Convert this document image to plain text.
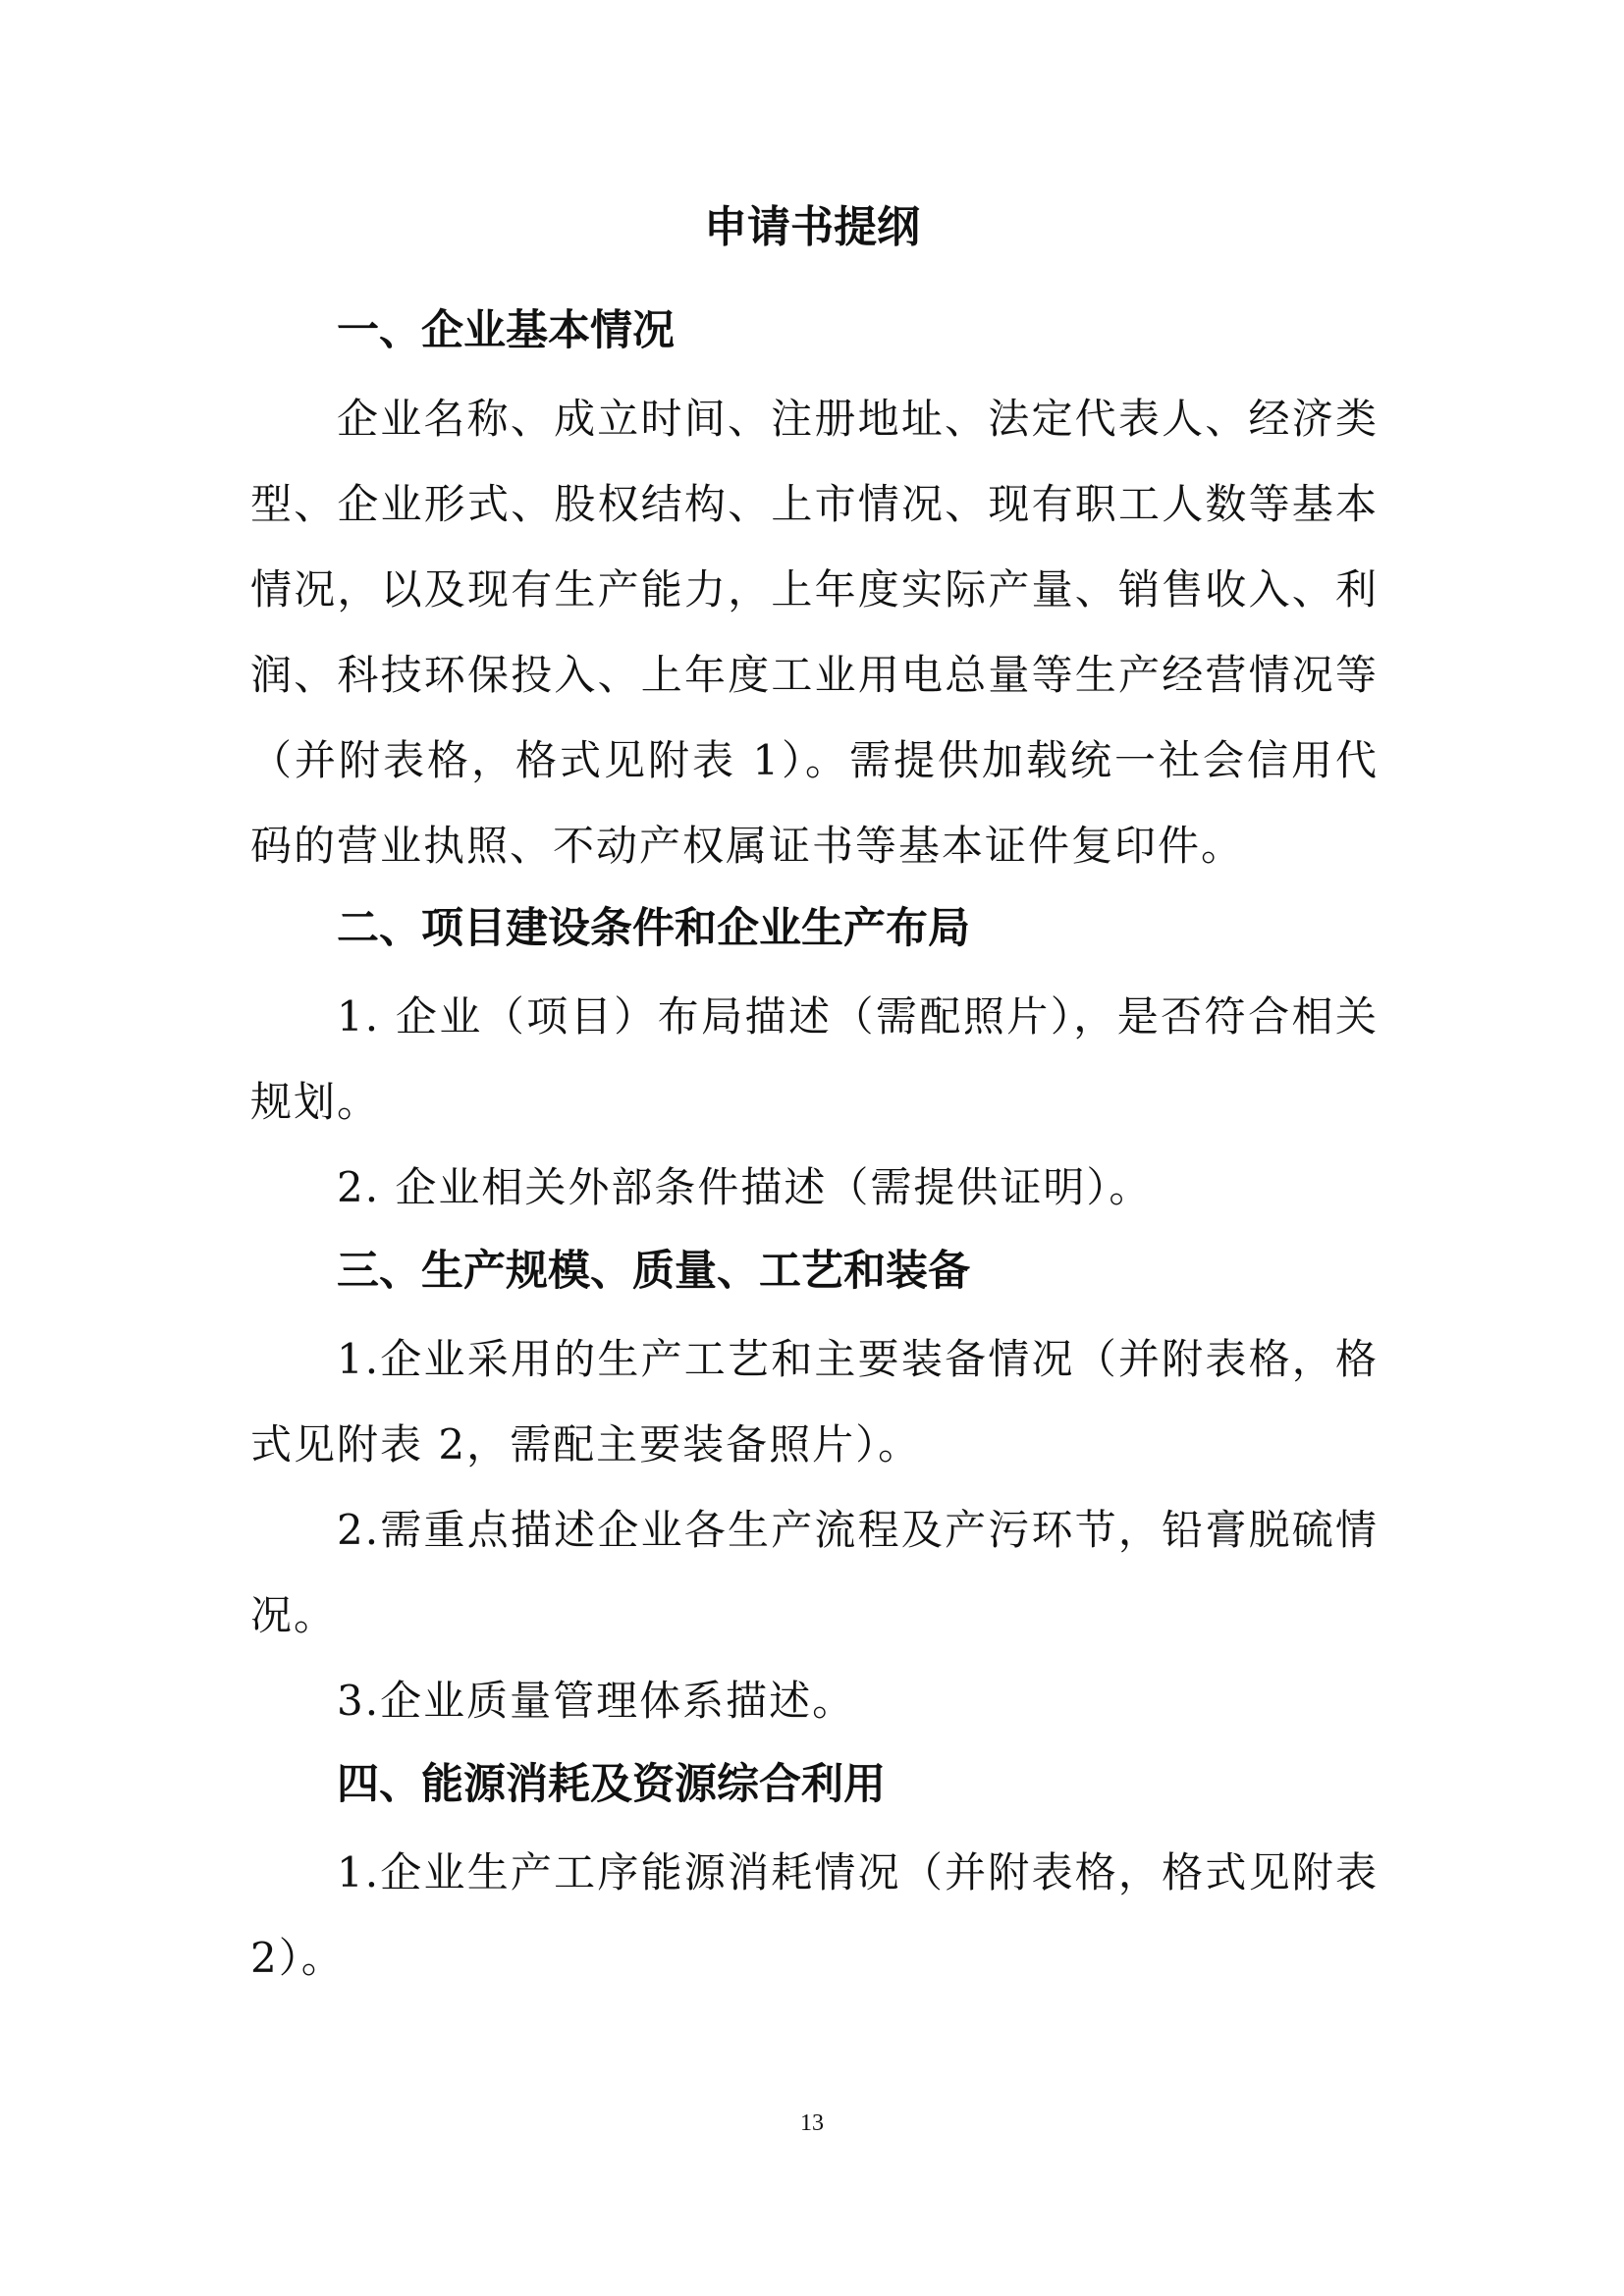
申请书提纲

一、企业基本情况

企业名称、成立时间、注册地址、法定代表人、经济类型、企业形式、股权结构、上市情况、现有职工人数等基本情况，以及现有生产能力，上年度实际产量、销售收入、利润、科技环保投入、上年度工业用电总量等生产经营情况等（并附表格，格式见附表 1）。需提供加载统一社会信用代码的营业执照、不动产权属证书等基本证件复印件。

二、项目建设条件和企业生产布局

1. 企业（项目）布局描述（需配照片），是否符合相关规划。

2. 企业相关外部条件描述（需提供证明）。

三、生产规模、质量、工艺和装备

1.企业采用的生产工艺和主要装备情况（并附表格，格式见附表 2，需配主要装备照片）。

2.需重点描述企业各生产流程及产污环节，铅膏脱硫情况。

3.企业质量管理体系描述。

四、能源消耗及资源综合利用

1.企业生产工序能源消耗情况（并附表格，格式见附表 2）。

13
